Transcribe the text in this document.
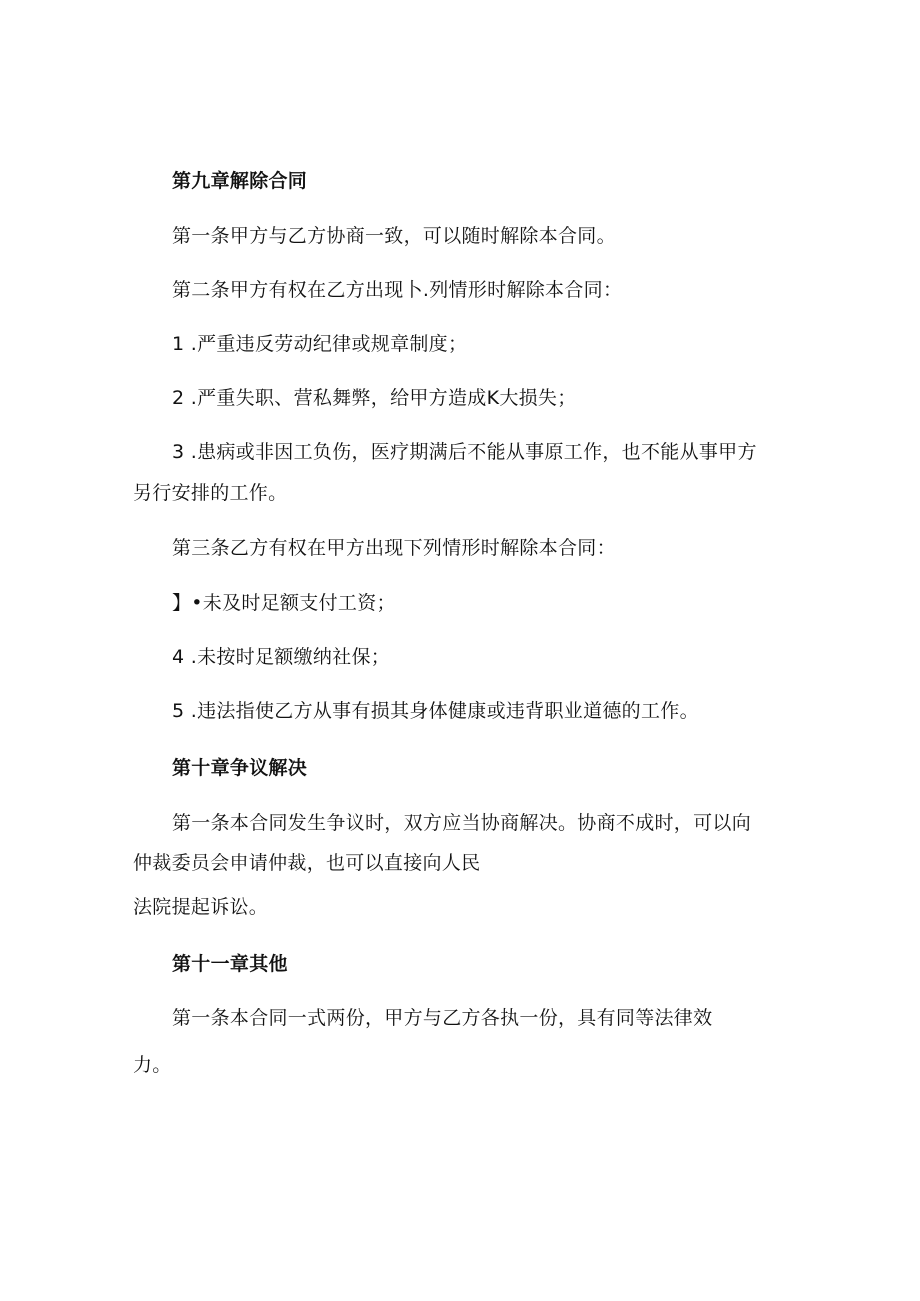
第九章解除合同
第一条甲方与乙方协商一致，可以随时解除本合同。
第二条甲方有权在乙方出现卜.列情形时解除本合同：
1 .严重违反劳动纪律或规章制度；
2 .严重失职、营私舞弊，给甲方造成K大损失；
3 .患病或非因工负伤，医疗期满后不能从事原工作，也不能从事甲方
另行安排的工作。
第三条乙方有权在甲方出现下列情形时解除本合同：
】•未及时足额支付工资；
4 .未按时足额缴纳社保；
5 .违法指使乙方从事有损其身体健康或违背职业道德的工作。
第十章争议解决
第一条本合同发生争议时，双方应当协商解决。协商不成时，可以向
仲裁委员会申请仲裁，也可以直接向人民
法院提起诉讼。
第十一章其他
第一条本合同一式两份，甲方与乙方各执一份，具有同等法律效
力。
